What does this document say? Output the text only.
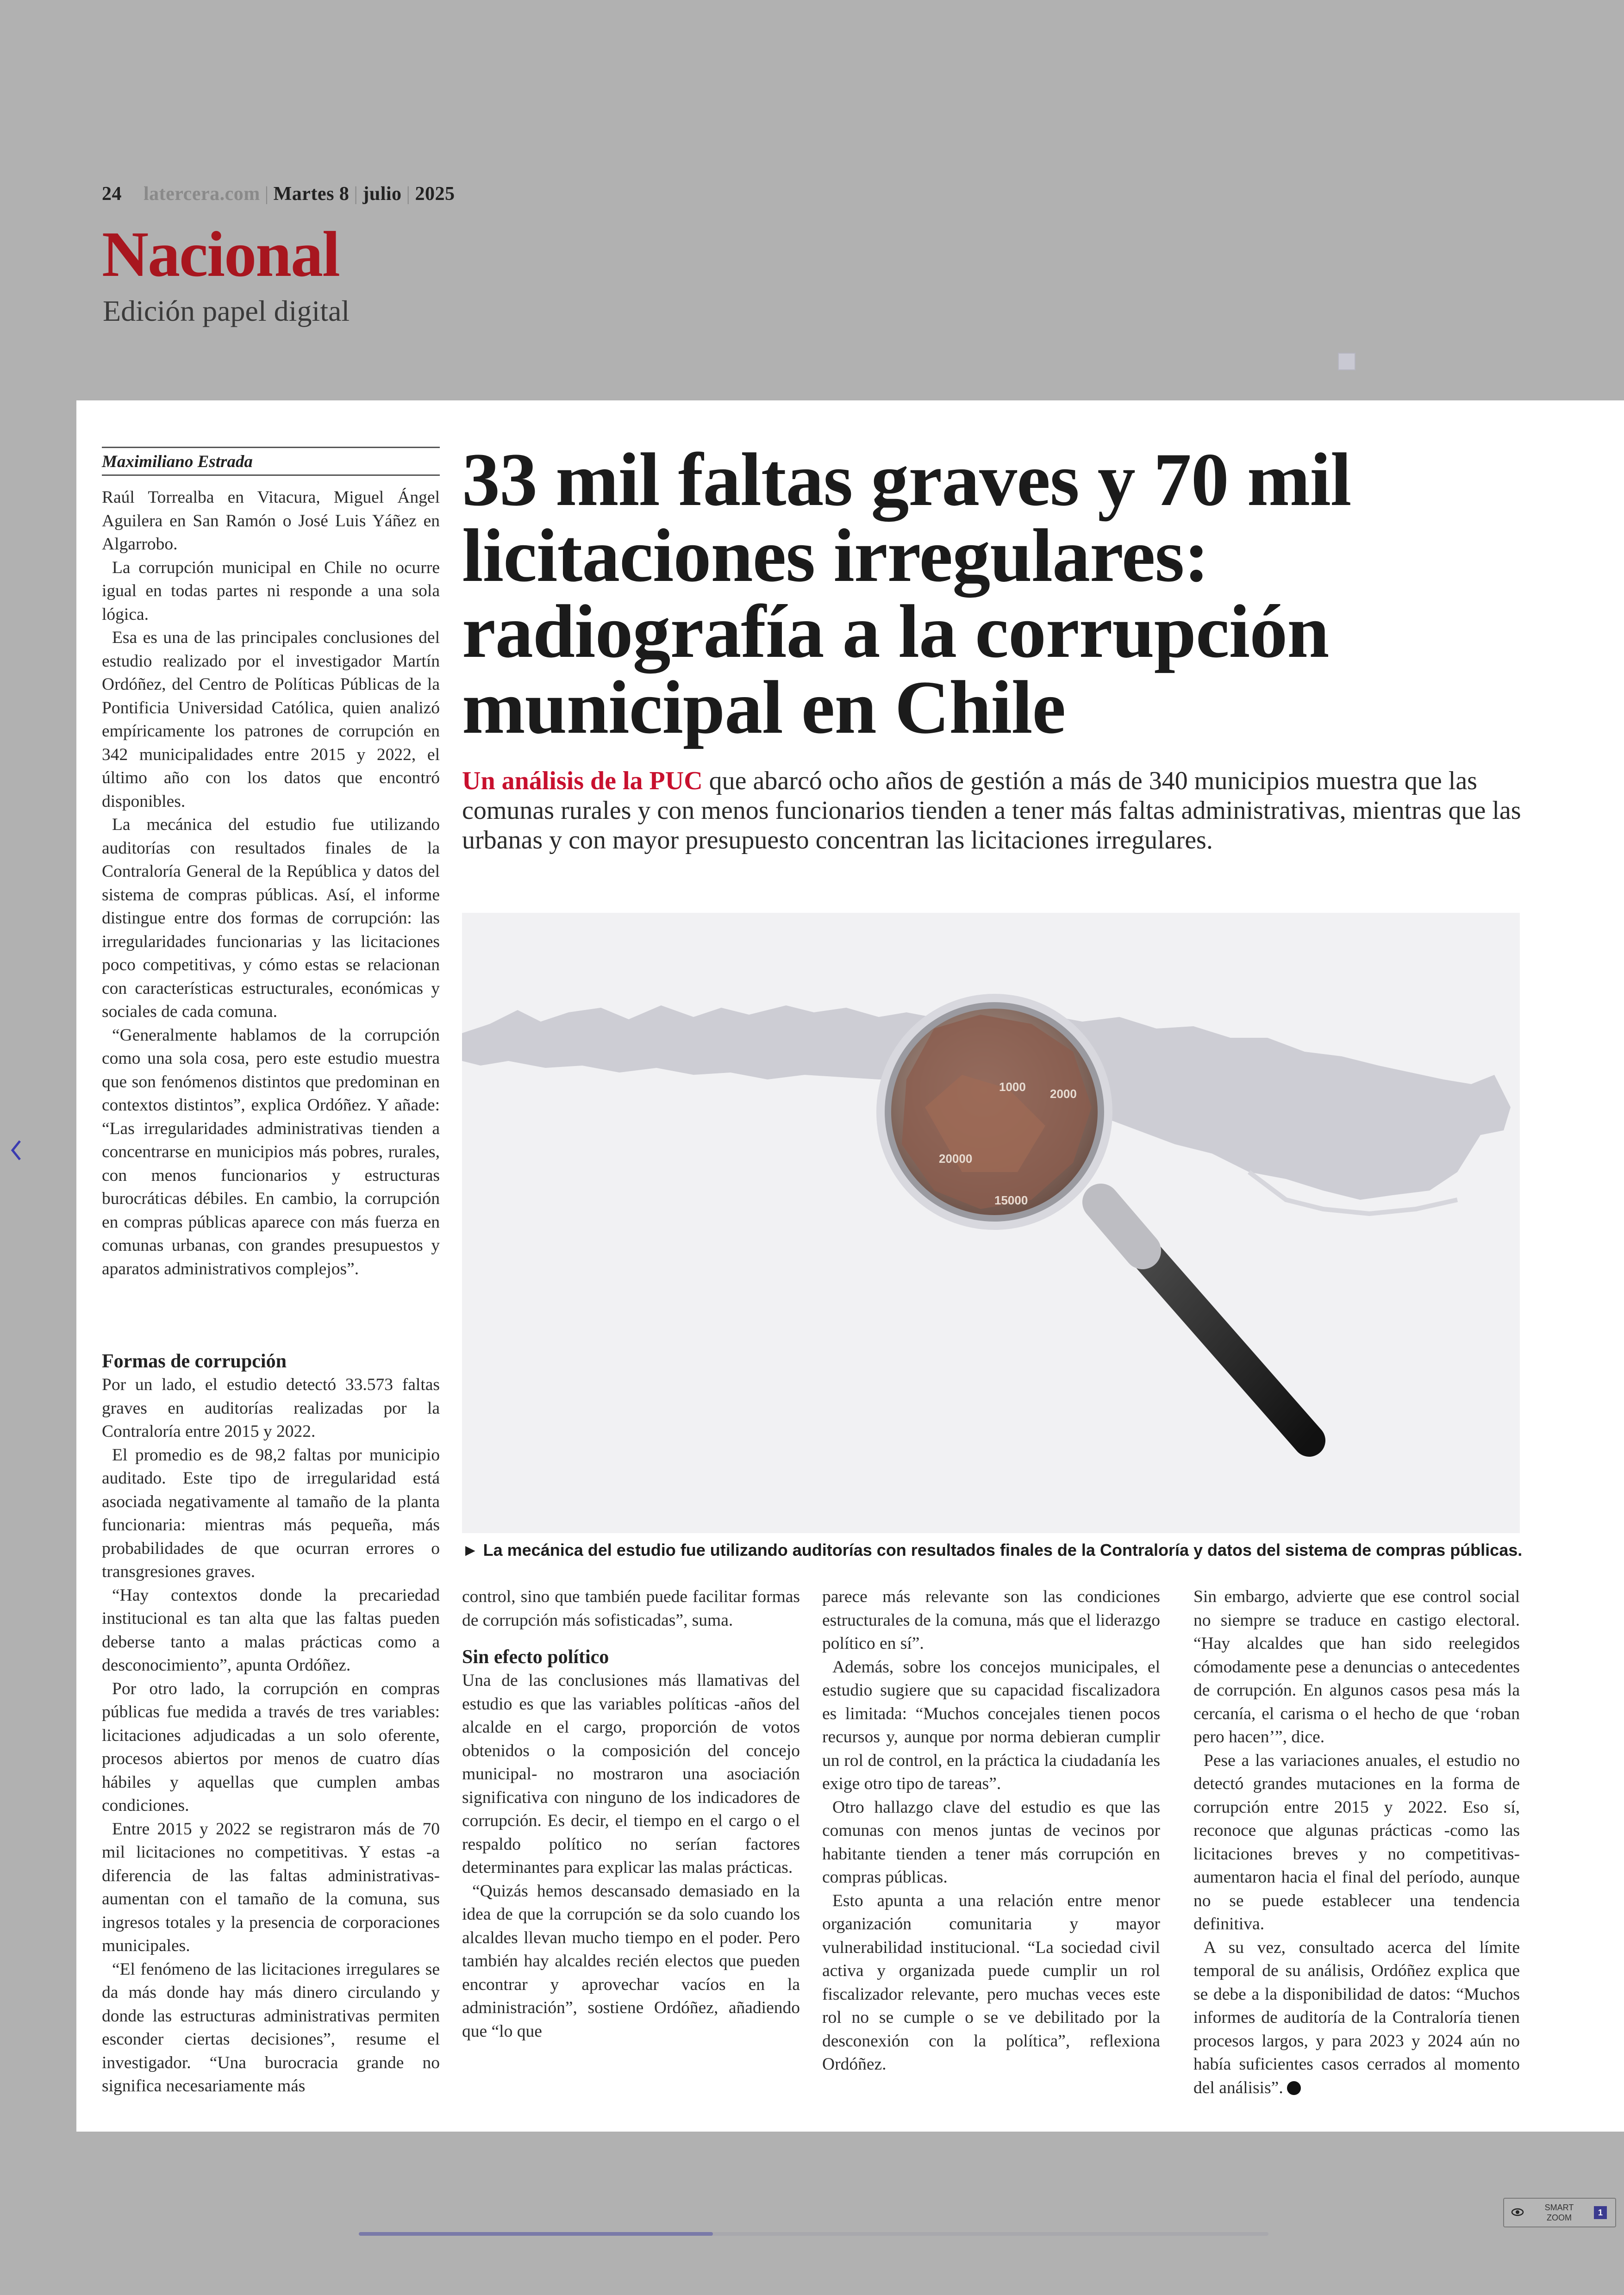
24 latercera.com | Martes 8 | julio | 2025
Nacional
Edición papel digital
Maximiliano Estrada

Raúl Torrealba en Vitacura, Miguel Ángel Aguilera en San Ramón o José Luis Yáñez en Algarrobo.

La corrupción municipal en Chile no ocurre igual en todas partes ni responde a una sola lógica.

Esa es una de las principales conclusiones del estudio realizado por el investigador Martín Ordóñez, del Centro de Políticas Públicas de la Pontificia Universidad Católica, quien analizó empíricamente los patrones de corrupción en 342 municipalidades entre 2015 y 2022, el último año con los datos que encontró disponibles.

La mecánica del estudio fue utilizando auditorías con resultados finales de la Contraloría General de la República y datos del sistema de compras públicas. Así, el informe distingue entre dos formas de corrupción: las irregularidades funcionarias y las licitaciones poco competitivas, y cómo estas se relacionan con características estructurales, económicas y sociales de cada comuna.

“Generalmente hablamos de la corrupción como una sola cosa, pero este estudio muestra que son fenómenos distintos que predominan en contextos distintos”, explica Ordóñez. Y añade: “Las irregularidades administrativas tienden a concentrarse en municipios más pobres, rurales, con menos funcionarios y estructuras burocráticas débiles. En cambio, la corrupción en compras públicas aparece con más fuerza en comunas urbanas, con grandes presupuestos y aparatos administrativos complejos”.

Formas de corrupción

Por un lado, el estudio detectó 33.573 faltas graves en auditorías realizadas por la Contraloría entre 2015 y 2022.

El promedio es de 98,2 faltas por municipio auditado. Este tipo de irregularidad está asociada negativamente al tamaño de la planta funcionaria: mientras más pequeña, más probabilidades de que ocurran errores o transgresiones graves.

“Hay contextos donde la precariedad institucional es tan alta que las faltas pueden deberse tanto a malas prácticas como a desconocimiento”, apunta Ordóñez.

Por otro lado, la corrupción en compras públicas fue medida a través de tres variables: licitaciones adjudicadas a un solo oferente, procesos abiertos por menos de cuatro días hábiles y aquellas que cumplen ambas condiciones.

Entre 2015 y 2022 se registraron más de 70 mil licitaciones no competitivas. Y estas -a diferencia de las faltas administrativas- aumentan con el tamaño de la comuna, sus ingresos totales y la presencia de corporaciones municipales.

“El fenómeno de las licitaciones irregulares se da más donde hay más dinero circulando y donde las estructuras administrativas permiten esconder ciertas decisiones”, resume el investigador. “Una burocracia grande no significa necesariamente más

33 mil faltas graves y 70 mil licitaciones irregulares: radiografía a la corrupción municipal en Chile
Un análisis de la PUC que abarcó ocho años de gestión a más de 340 municipios muestra que las comunas rurales y con menos funcionarios tienden a tener más faltas administrativas, mientras que las urbanas y con mayor presupuesto concentran las licitaciones irregulares.
1000 2000
20000
15000
► La mecánica del estudio fue utilizando auditorías con resultados finales de la Contraloría y datos del sistema de compras públicas.

control, sino que también puede facilitar formas de corrupción más sofisticadas”, suma.

Sin efecto político

Una de las conclusiones más llamativas del estudio es que las variables políticas -años del alcalde en el cargo, proporción de votos obtenidos o la composición del concejo municipal- no mostraron una asociación significativa con ninguno de los indicadores de corrupción. Es decir, el tiempo en el cargo o el respaldo político no serían factores determinantes para explicar las malas prácticas.

“Quizás hemos descansado demasiado en la idea de que la corrupción se da solo cuando los alcaldes llevan mucho tiempo en el poder. Pero también hay alcaldes recién electos que pueden encontrar y aprovechar vacíos en la administración”, sostiene Ordóñez, añadiendo que “lo que

parece más relevante son las condiciones estructurales de la comuna, más que el liderazgo político en sí”.

Además, sobre los concejos municipales, el estudio sugiere que su capacidad fiscalizadora es limitada: “Muchos concejales tienen pocos recursos y, aunque por norma debieran cumplir un rol de control, en la práctica la ciudadanía les exige otro tipo de tareas”.

Otro hallazgo clave del estudio es que las comunas con menos juntas de vecinos por habitante tienden a tener más corrupción en compras públicas.

Esto apunta a una relación entre menor organización comunitaria y mayor vulnerabilidad institucional. “La sociedad civil activa y organizada puede cumplir un rol fiscalizador relevante, pero muchas veces este rol no se cumple o se ve debilitado por la desconexión con la política”, reflexiona Ordóñez.

Sin embargo, advierte que ese control social no siempre se traduce en castigo electoral. “Hay alcaldes que han sido reelegidos cómodamente pese a denuncias o antecedentes de corrupción. En algunos casos pesa más la cercanía, el carisma o el hecho de que ‘roban pero hacen’”, dice.

Pese a las variaciones anuales, el estudio no detectó grandes mutaciones en la forma de corrupción entre 2015 y 2022. Eso sí, reconoce que algunas prácticas -como las licitaciones breves y no competitivas- aumentaron hacia el final del período, aunque no se puede establecer una tendencia definitiva.

A su vez, consultado acerca del límite temporal de su análisis, Ordóñez explica que se debe a la disponibilidad de datos: “Muchos informes de auditoría de la Contraloría tienen procesos largos, y para 2023 y 2024 aún no había suficientes casos cerrados al momento del análisis”.

SMART
ZOOM
1
